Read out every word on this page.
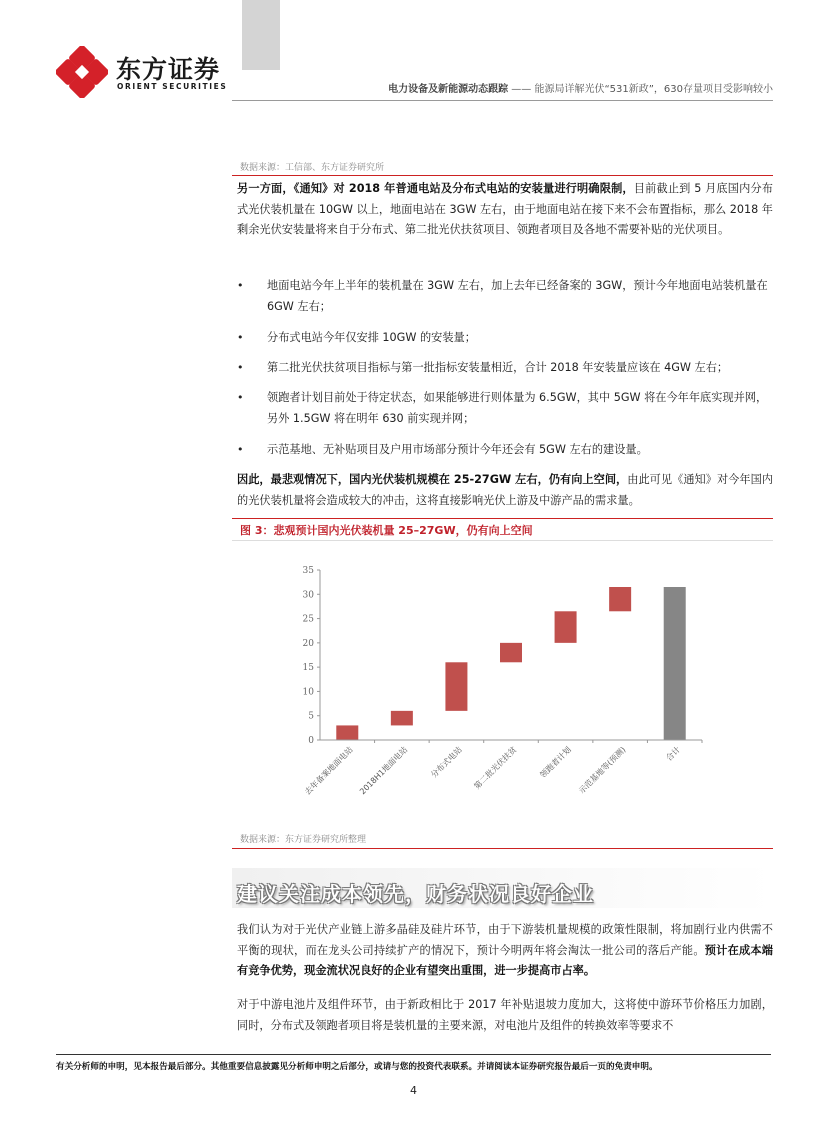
东方证券
ORIENT SECURITIES	电力设备及新能源动态跟踪 —— 能源局详解光伏“531新政”，630存量项目受影响较小
数据来源：工信部、东方证券研究所
另一方面，《通知》对 2018 年普通电站及分布式电站的安装量进行明确限制，目前截止到 5 月底国内分布式光伏装机量在 10GW 以上，地面电站在 3GW 左右，由于地面电站在接下来不会布置指标，那么 2018 年剩余光伏安装量将来自于分布式、第二批光伏扶贫项目、领跑者项目及各地不需要补贴的光伏项目。
• 地面电站今年上半年的装机量在 3GW 左右，加上去年已经备案的 3GW，预计今年地面电站装机量在 6GW 左右；
• 分布式电站今年仅安排 10GW 的安装量；
• 第二批光伏扶贫项目指标与第一批指标安装量相近，合计 2018 年安装量应该在 4GW 左右；
• 领跑者计划目前处于待定状态，如果能够进行则体量为 6.5GW，其中 5GW 将在今年年底实现并网，另外 1.5GW 将在明年 630 前实现并网；
• 示范基地、无补贴项目及户用市场部分预计今年还会有 5GW 左右的建设量。
因此，最悲观情况下，国内光伏装机规模在 25-27GW 左右，仍有向上空间，由此可见《通知》对今年国内的光伏装机量将会造成较大的冲击，这将直接影响光伏上游及中游产品的需求量。
图 3：悲观预计国内光伏装机量 25–27GW，仍有向上空间
0
5
10
15
20
25
30
35
去年备案地面电站 2018H1地面电站 分布式电站 第二批光伏扶贫 领跑者计划 示范基地等(预测)	合计
数据来源：东方证券研究所整理
建议关注成本领先，财务状况良好企业
我们认为对于光伏产业链上游多晶硅及硅片环节，由于下游装机量规模的政策性限制，将加剧行业内供需不平衡的现状，而在龙头公司持续扩产的情况下，预计今明两年将会淘汰一批公司的落后产能。预计在成本端有竞争优势，现金流状况良好的企业有望突出重围，进一步提高市占率。
对于中游电池片及组件环节，由于新政相比于 2017 年补贴退坡力度加大，这将使中游环节价格压力加剧，同时，分布式及领跑者项目将是装机量的主要来源，对电池片及组件的转换效率等要求不
有关分析师的申明，见本报告最后部分。其他重要信息披露见分析师申明之后部分，或请与您的投资代表联系。并请阅读本证券研究报告最后一页的免责申明。
4
